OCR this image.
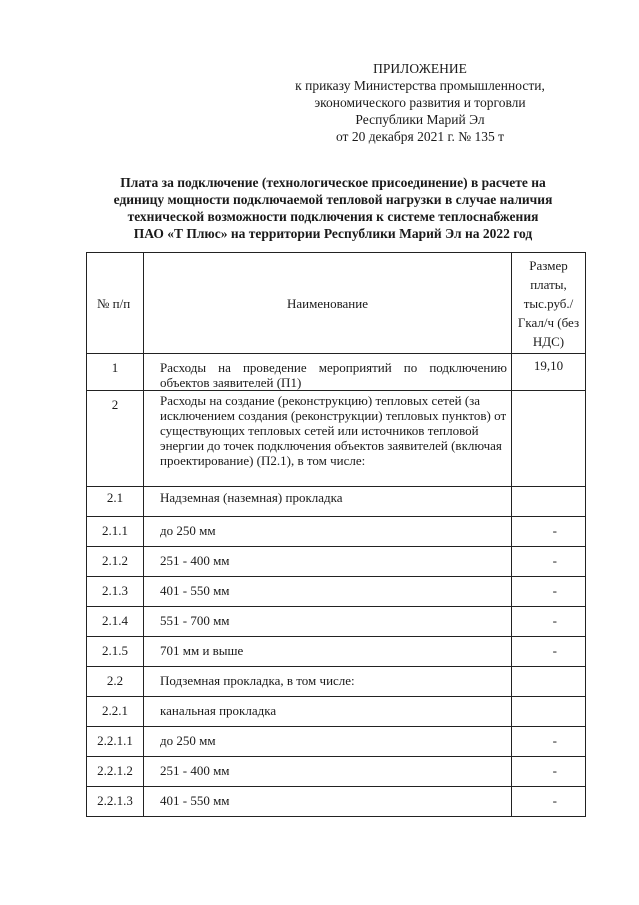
ПРИЛОЖЕНИЕ
к приказу Министерства промышленности,
экономического развития и торговли
Республики Марий Эл
от 20 декабря 2021 г. № 135 т
Плата за подключение (технологическое присоединение) в расчете на
единицу мощности подключаемой тепловой нагрузки в случае наличия
технической возможности подключения к системе теплоснабжения
ПАО «Т Плюс» на территории Республики Марий Эл на 2022 год
№ п/п	Наименование	Размер платы, тыс.руб./ Гкал/ч (без НДС)
1	Расходы на проведение мероприятий по подключению объектов заявителей (П1)	19,10
2	Расходы на создание (реконструкцию) тепловых сетей (за исключением создания (реконструкции) тепловых пунктов) от существующих тепловых сетей или источников тепловой энергии до точек подключения объектов заявителей (включая проектирование) (П2.1), в том числе:	
2.1	Надземная (наземная) прокладка	
2.1.1	до 250 мм	-
2.1.2	251 - 400 мм	-
2.1.3	401 - 550 мм	-
2.1.4	551 - 700 мм	-
2.1.5	701 мм и выше	-
2.2	Подземная прокладка, в том числе:	
2.2.1	канальная прокладка	
2.2.1.1	до 250 мм	-
2.2.1.2	251 - 400 мм	-
2.2.1.3	401 - 550 мм	-
